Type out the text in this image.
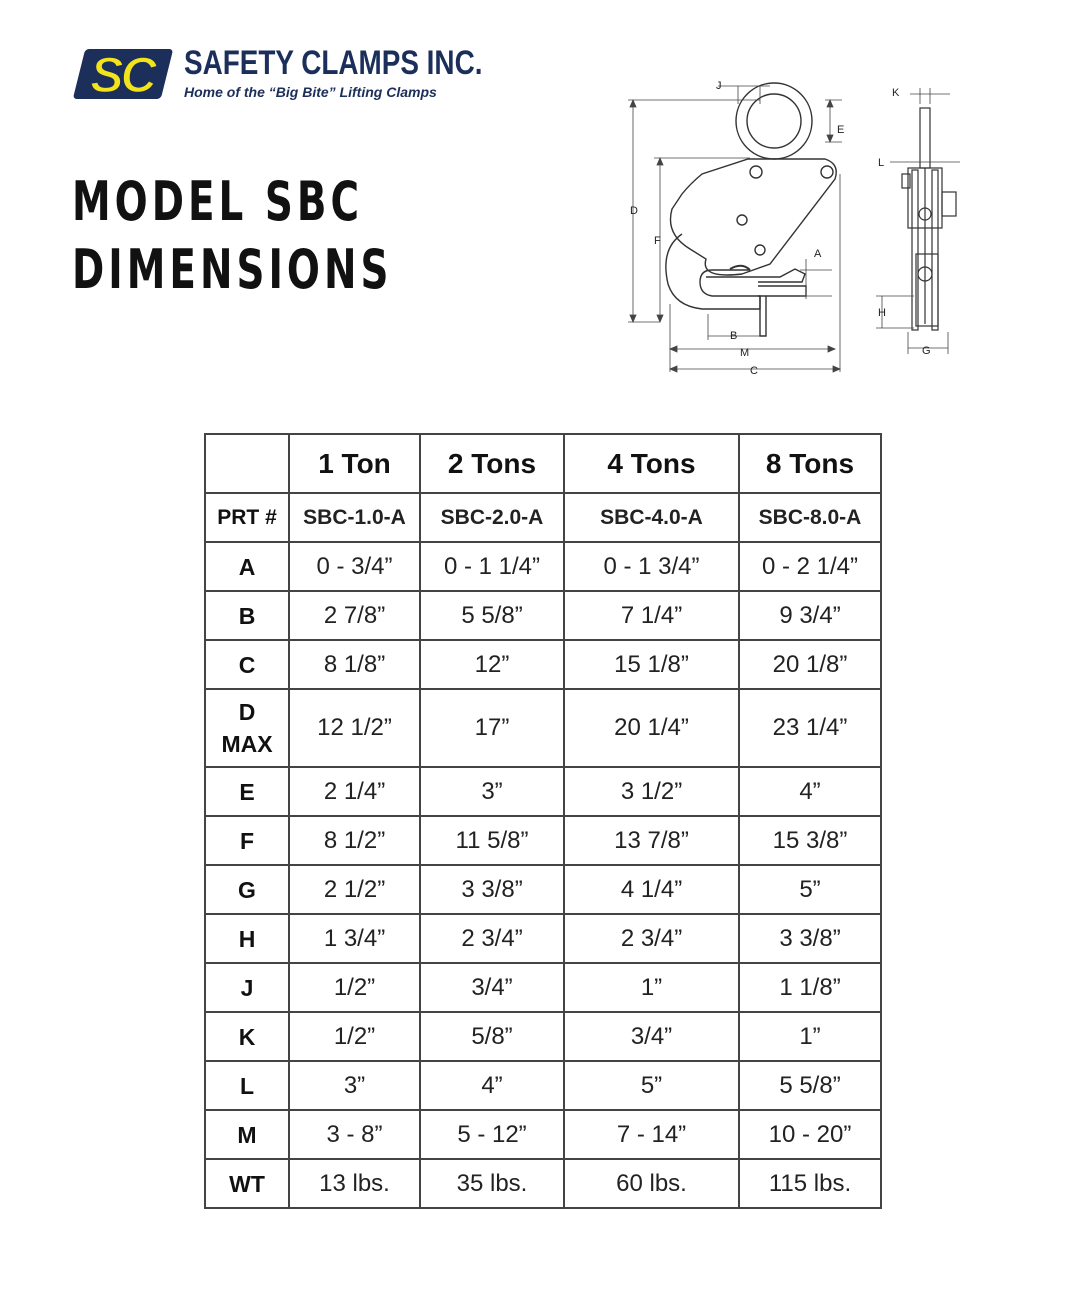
SC SAFETY CLAMPS INC.
Home of the “Big Bite” Lifting Clamps
MODEL SBC
DIMENSIONS
J
E
D
F
A
B
M
C
K
L
H
G
	1 Ton	2 Tons	4 Tons	8 Tons
PRT #	SBC-1.0-A	SBC-2.0-A	SBC-4.0-A	SBC-8.0-A
A	0 - 3/4”	0 - 1 1/4”	0 - 1 3/4”	0 - 2 1/4”
B	2 7/8”	5 5/8”	7 1/4”	9 3/4”
C	8 1/8”	12”	15 1/8”	20 1/8”
D
MAX	12 1/2”	17”	20 1/4”	23 1/4”
E	2 1/4”	3”	3 1/2”	4”
F	8 1/2”	11 5/8”	13 7/8”	15 3/8”
G	2 1/2”	3 3/8”	4 1/4”	5”
H	1 3/4”	2 3/4”	2 3/4”	3 3/8”
J	1/2”	3/4”	1”	1 1/8”
K	1/2”	5/8”	3/4”	1”
L	3”	4”	5”	5 5/8”
M	3 - 8”	5 - 12”	7 - 14”	10 - 20”
WT	13 lbs.	35 lbs.	60 lbs.	115 lbs.
